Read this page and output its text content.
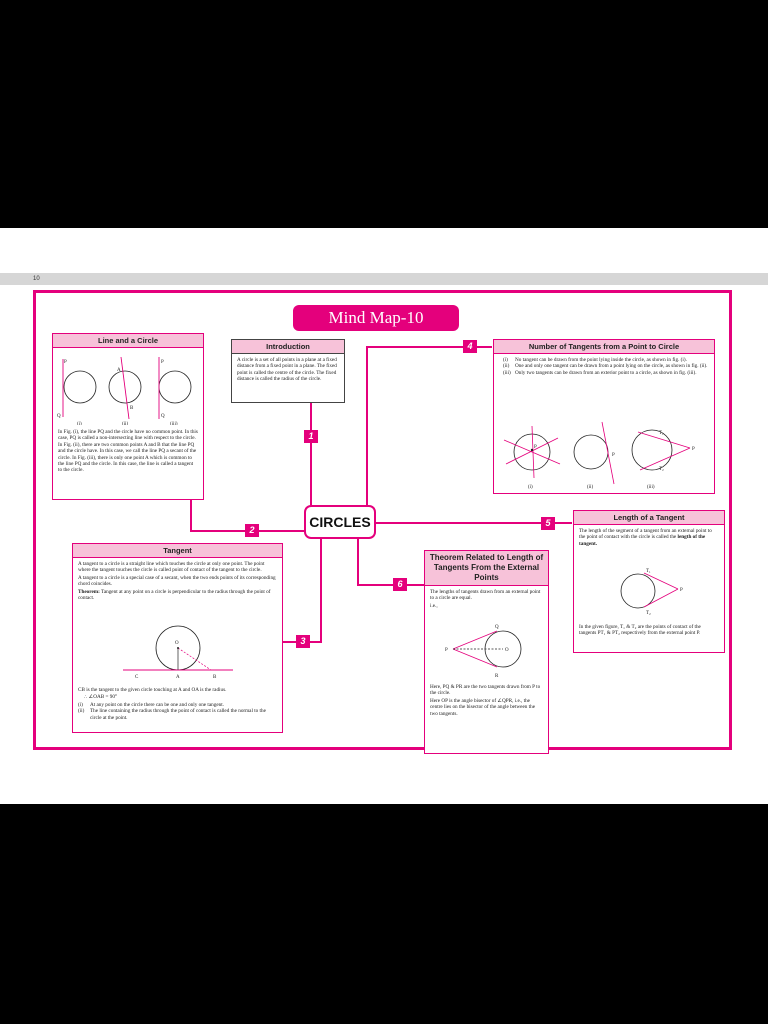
10
Mind Map-10
CIRCLES
1
2
3
4
5
6
Line and a Circle
P
Q
A
B
P
Q
(i)	(ii)	(iii)
In Fig. (i), the line PQ and the circle have no common point. In this case, PQ is called a non-intersecting line with respect to the circle. In Fig. (ii), there are two common points A and B that the line PQ and the circle have. In this case, we call the line PQ a secant of the circle. In Fig. (iii), there is only one point A which is common to the line PQ and the circle. In this case, the line is called a tangent to the circle.
Introduction
A circle is a set of all points in a plane at a fixed distance from a fixed point in a plane. The fixed point is called the centre of the circle. The fixed distance is called the radius of the circle.
Number of Tangents from a Point to Circle
(i)	No tangent can be drawn from the point lying inside the circle, as shown in fig. (i).
(ii)	One and only one tangent can be drawn from a point lying on the circle, as shown in fig. (ii).
(iii) Only two tangents can be drawn from an exterior point to a circle, as shown in fig. (iii).
P
P
P
T₁
T₂
(i)	(ii)	(iii)
Tangent

A tangent to a circle is a straight line which touches the circle at only one point. The point where the tangent touches the circle is called point of contact of the tangent to the circle.

A tangent to a circle is a special case of a secant, when the two ends points of its corresponding chord coincides.

Theorem: Tangent at any point on a circle is perpendicular to the radius through the point of contact.

O
C	A	B

CB is the tangent to the given circle touching at A and OA is the radius.

∴ ∠OAB = 90°

(i)	At any point on the circle there can be one and only one tangent.
(ii)	The line containing the radius through the point of contact is called the normal to the circle at the point.
Length of a Tangent
The length of the segment of a tangent from an external point to the point of contact with the circle is called the length of the tangent.
P
T₁
T₂
In the given figure, T₁ & T₂ are the points of contact of the tangents PT₁ & PT₂ respectively from the external point P.
Theorem Related to Length of Tangents From the External Points

The lengths of tangents drawn from an external point to a circle are equal.

i.e.,

P
Q
R
O

Here, PQ & PR are the two tangents drawn from P to the circle.

Here OP is the angle bisector of ∠QPR, i.e., the centre lies on the bisector of the angle between the two tangents.
